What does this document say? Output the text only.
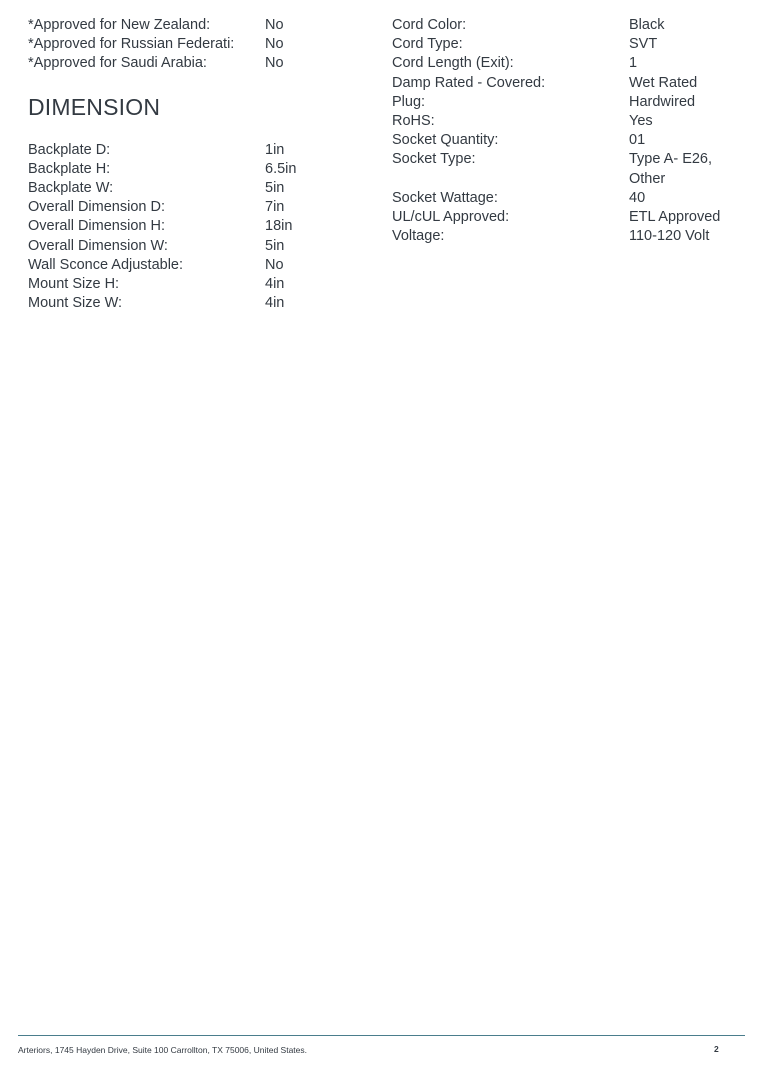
*Approved for New Zealand:	No
*Approved for Russian Federati:	No
*Approved for Saudi Arabia:	No
DIMENSION
Backplate D:	1in
Backplate H:	6.5in
Backplate W:	5in
Overall Dimension D:	7in
Overall Dimension H:	18in
Overall Dimension W:	5in
Wall Sconce Adjustable:	No
Mount Size H:	4in
Mount Size W:	4in
Cord Color:	Black
Cord Type:	SVT
Cord Length (Exit):	1
Damp Rated - Covered:	Wet Rated
Plug:	Hardwired
RoHS:	Yes
Socket Quantity:	01
Socket Type:	Type A- E26, Other
Socket Wattage:	40
UL/cUL Approved:	ETL Approved
Voltage:	110-120 Volt
Arteriors, 1745 Hayden Drive, Suite 100 Carrollton, TX 75006, United States.	2
